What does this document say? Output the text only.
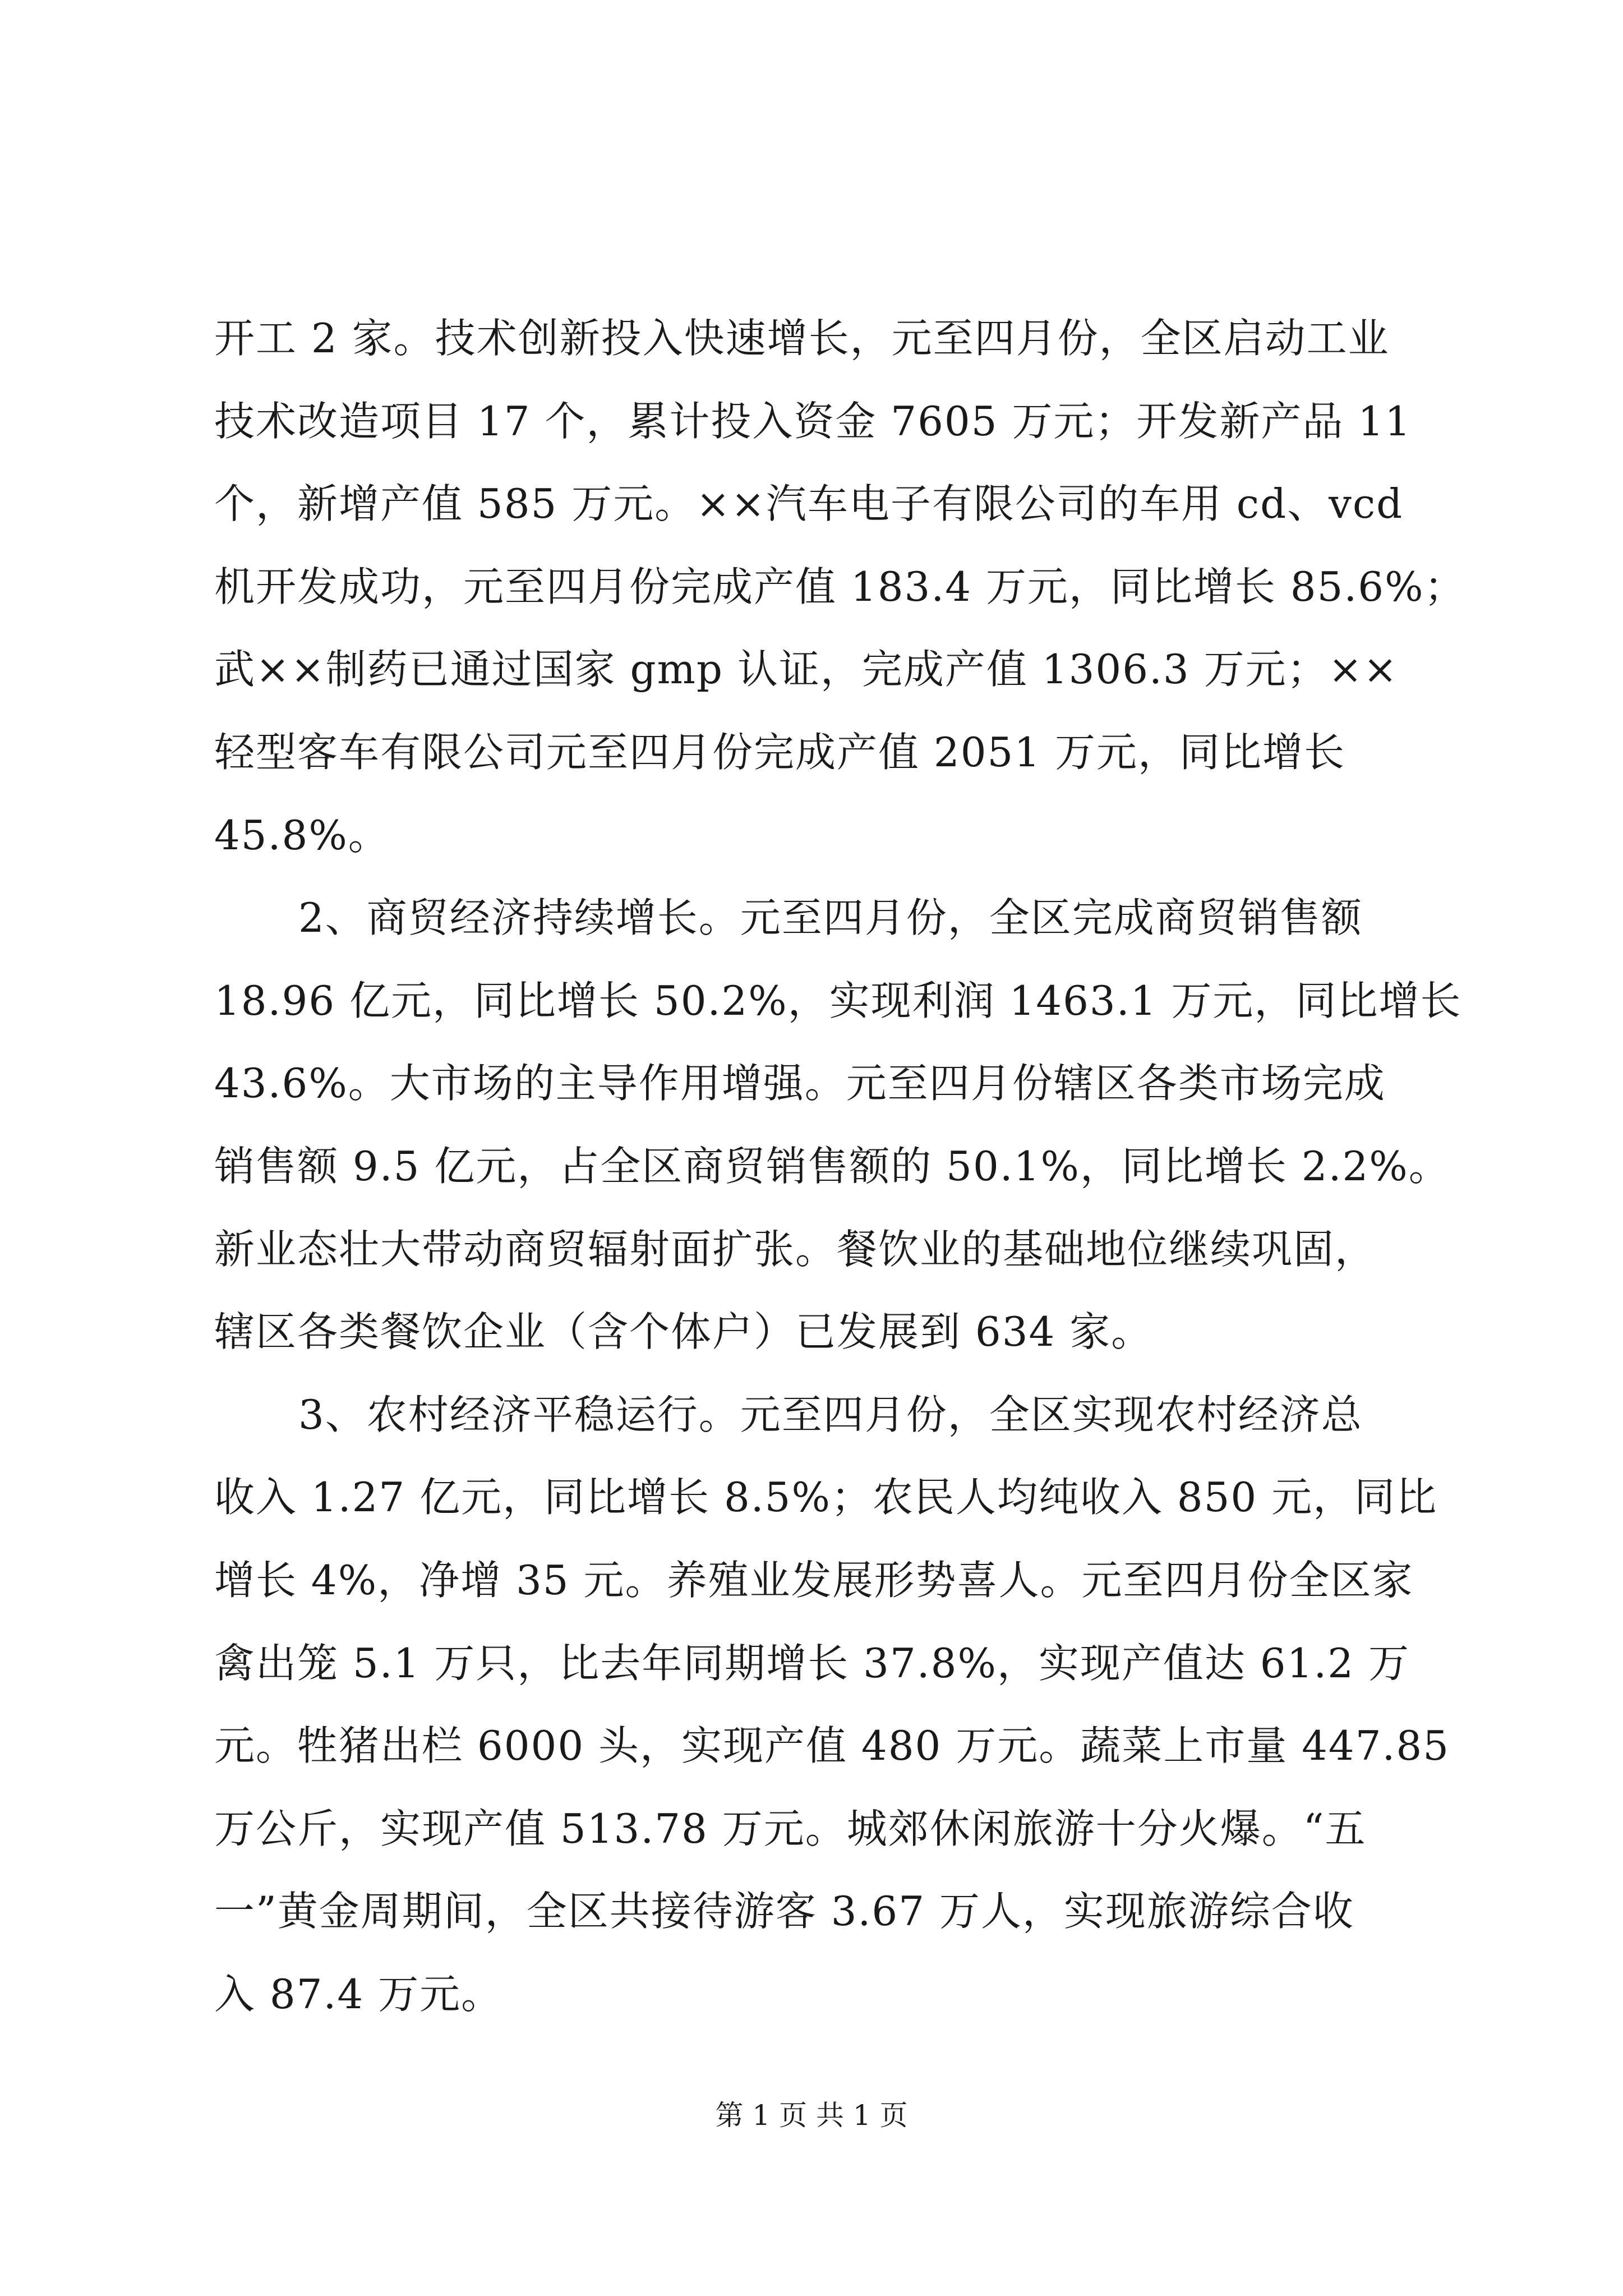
开工 2 家。技术创新投入快速增长，元至四月份，全区启动工业
技术改造项目 17 个，累计投入资金 7605 万元；开发新产品 11
个，新增产值 585 万元。××汽车电子有限公司的车用 cd、vcd
机开发成功，元至四月份完成产值 183.4 万元，同比增长 85.6%；
武××制药已通过国家 gmp 认证，完成产值 1306.3 万元；××
轻型客车有限公司元至四月份完成产值 2051 万元，同比增长
45.8%。
2、商贸经济持续增长。元至四月份，全区完成商贸销售额
18.96 亿元，同比增长 50.2%，实现利润 1463.1 万元，同比增长
43.6%。大市场的主导作用增强。元至四月份辖区各类市场完成
销售额 9.5 亿元，占全区商贸销售额的 50.1%，同比增长 2.2%。
新业态壮大带动商贸辐射面扩张。餐饮业的基础地位继续巩固，
辖区各类餐饮企业（含个体户）已发展到 634 家。
3、农村经济平稳运行。元至四月份，全区实现农村经济总
收入 1.27 亿元，同比增长 8.5%；农民人均纯收入 850 元，同比
增长 4%，净增 35 元。养殖业发展形势喜人。元至四月份全区家
禽出笼 5.1 万只，比去年同期增长 37.8%，实现产值达 61.2 万
元。牲猪出栏 6000 头，实现产值 480 万元。蔬菜上市量 447.85
万公斤，实现产值 513.78 万元。城郊休闲旅游十分火爆。“五
一”黄金周期间，全区共接待游客 3.67 万人，实现旅游综合收
入 87.4 万元。
第 1 页 共 1 页
